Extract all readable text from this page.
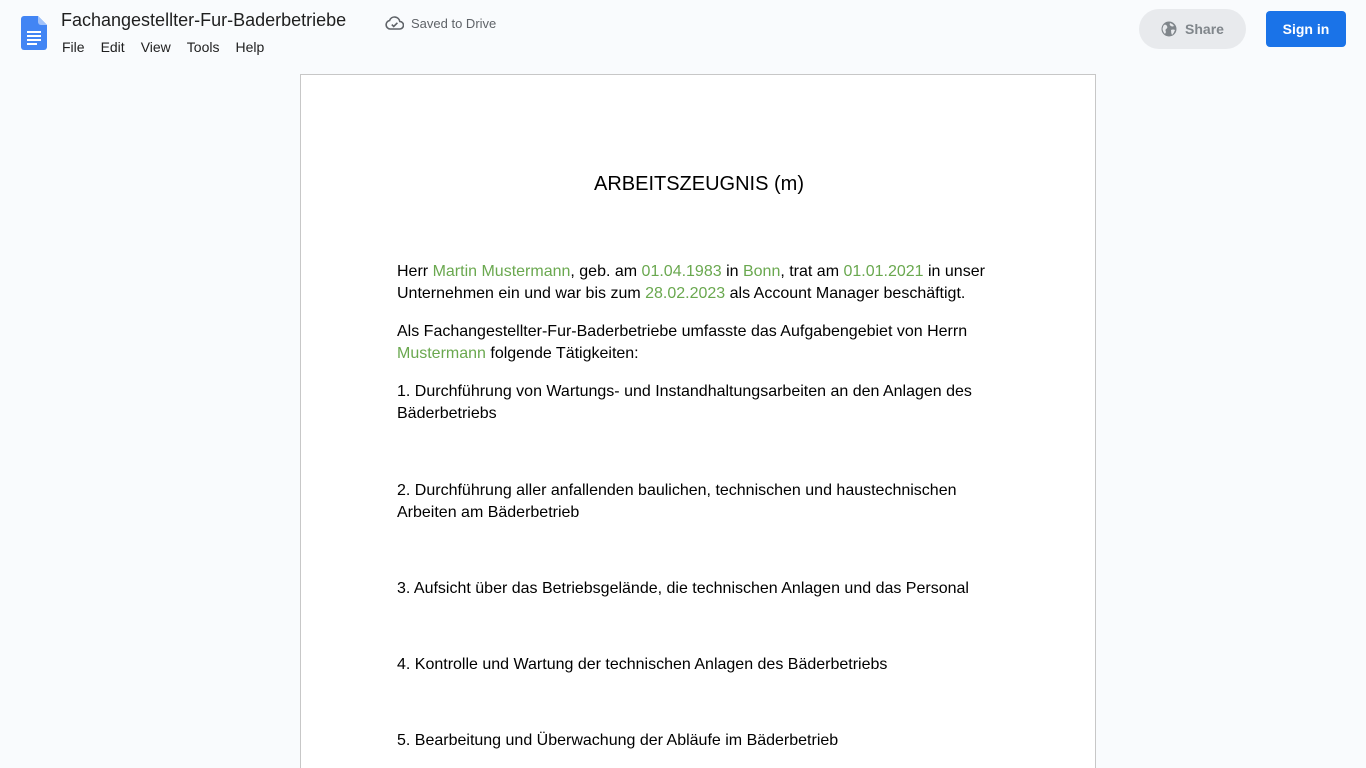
Fachangestellter-Fur-Baderbetriebe	Saved to Drive
File	Edit	View	Tools	Help
Share	Sign in
ARBEITSZEUGNIS (m)
Herr Martin Mustermann, geb. am 01.04.1983 in Bonn, trat am 01.01.2021 in unser Unternehmen ein und war bis zum 28.02.2023 als Account Manager beschäftigt.
Als Fachangestellter-Fur-Baderbetriebe umfasste das Aufgabengebiet von Herrn Mustermann folgende Tätigkeiten:
1. Durchführung von Wartungs- und Instandhaltungsarbeiten an den Anlagen des Bäderbetriebs
2. Durchführung aller anfallenden baulichen, technischen und haustechnischen Arbeiten am Bäderbetrieb
3. Aufsicht über das Betriebsgelände, die technischen Anlagen und das Personal
4. Kontrolle und Wartung der technischen Anlagen des Bäderbetriebs
5. Bearbeitung und Überwachung der Abläufe im Bäderbetrieb
